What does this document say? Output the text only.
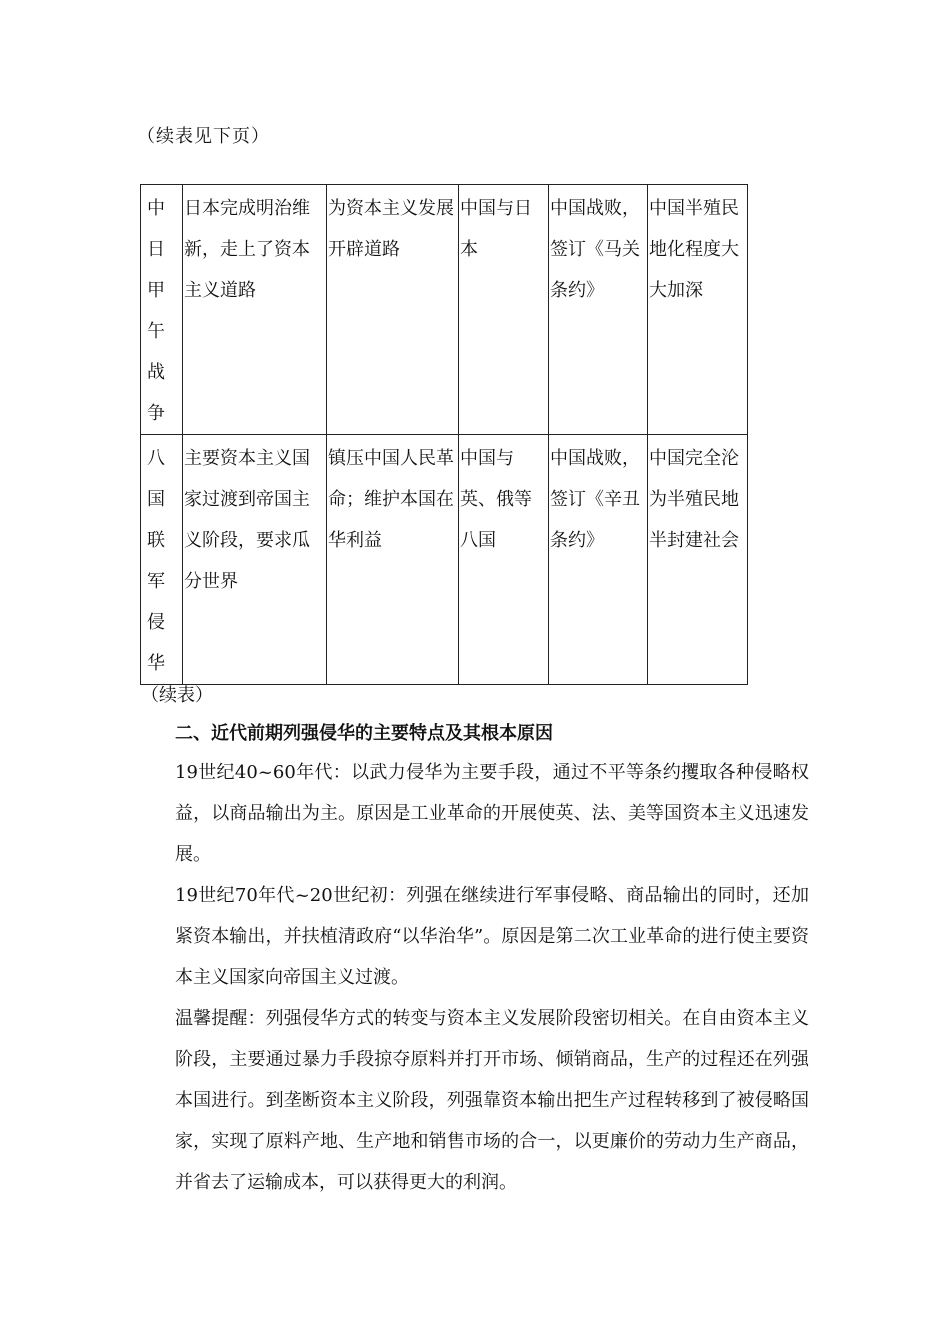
（续表见下页）
中日甲午战争	日本完成明治维新，走上了资本主义道路	为资本主义发展开辟道路	中国与日本	中国战败，签订《马关条约》	中国半殖民地化程度大大加深
八国联军侵华	主要资本主义国家过渡到帝国主义阶段，要求瓜分世界	镇压中国人民革命；维护本国在华利益	中国与英、俄等八国	中国战败，签订《辛丑条约》	中国完全沦为半殖民地半封建社会
（续表）
二、近代前期列强侵华的主要特点及其根本原因
19世纪40~60年代：以武力侵华为主要手段，通过不平等条约攫取各种侵略权益，以商品输出为主。原因是工业革命的开展使英、法、美等国资本主义迅速发展。
19世纪70年代~20世纪初：列强在继续进行军事侵略、商品输出的同时，还加紧资本输出，并扶植清政府“以华治华”。原因是第二次工业革命的进行使主要资本主义国家向帝国主义过渡。
温馨提醒：列强侵华方式的转变与资本主义发展阶段密切相关。在自由资本主义阶段，主要通过暴力手段掠夺原料并打开市场、倾销商品，生产的过程还在列强本国进行。到垄断资本主义阶段，列强靠资本输出把生产过程转移到了被侵略国家，实现了原料产地、生产地和销售市场的合一，以更廉价的劳动力生产商品，并省去了运输成本，可以获得更大的利润。
